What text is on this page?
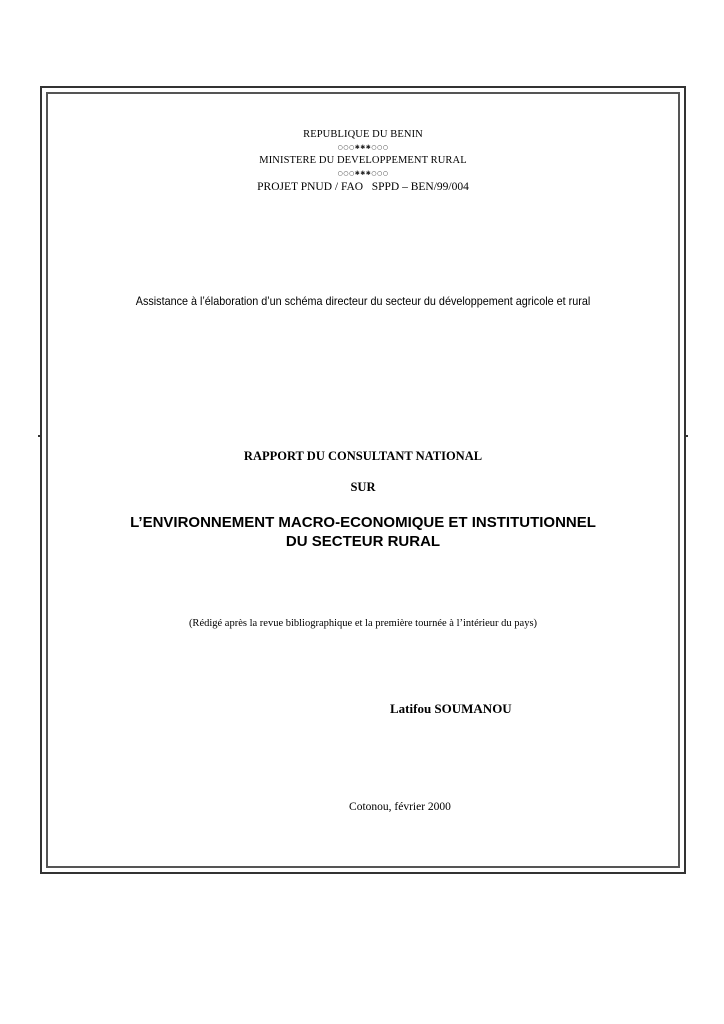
REPUBLIQUE DU BENIN
○○○✱✱✱○○○
MINISTERE DU DEVELOPPEMENT RURAL
○○○✱✱✱○○○
PROJET PNUD / FAO   SPPD – BEN/99/004
Assistance à l’élaboration d’un schéma directeur du secteur du développement agricole et rural
RAPPORT DU CONSULTANT NATIONAL
SUR
L’ENVIRONNEMENT MACRO-ECONOMIQUE ET INSTITUTIONNEL
DU SECTEUR RURAL
(Rédigé après la revue bibliographique et la première tournée à l’intérieur du pays)
Latifou SOUMANOU
Cotonou, février 2000
